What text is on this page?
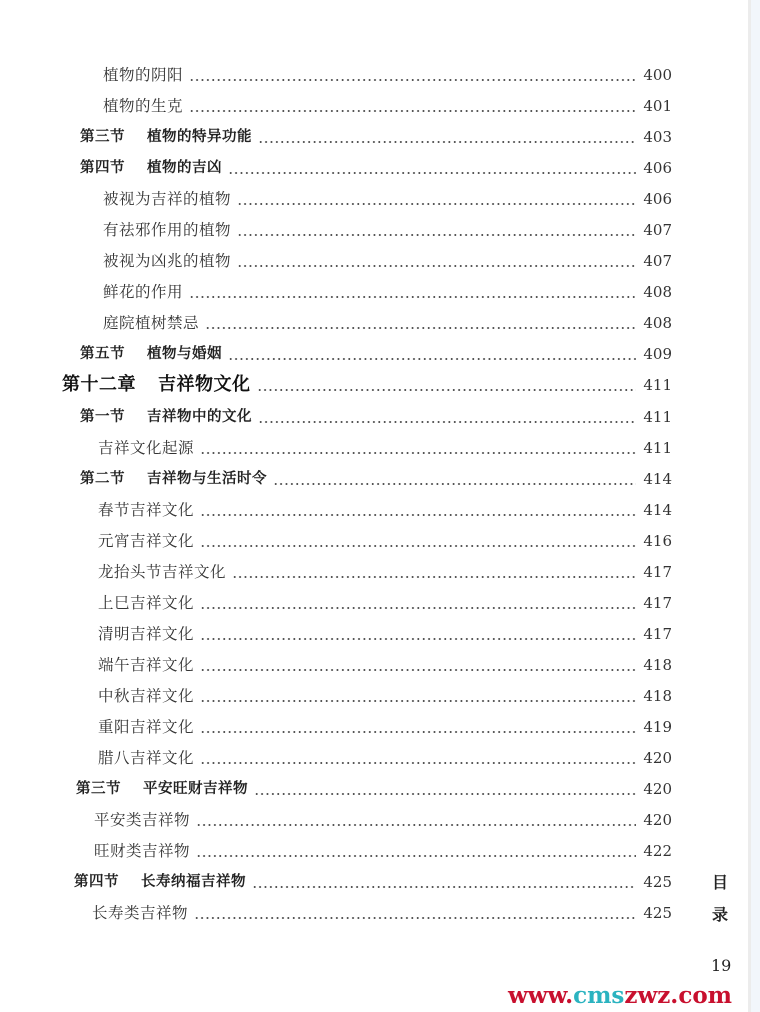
植物的阴阳	400
植物的生克	401
第三节 植物的特异功能	403
第四节 植物的吉凶	406
被视为吉祥的植物	406
有祛邪作用的植物	407
被视为凶兆的植物	407
鲜花的作用	408
庭院植树禁忌	408
第五节 植物与婚姻	409
第十二章 吉祥物文化	411
第一节 吉祥物中的文化	411
吉祥文化起源	411
第二节 吉祥物与生活时令	414
春节吉祥文化	414
元宵吉祥文化	416
龙抬头节吉祥文化	417
上巳吉祥文化	417
清明吉祥文化	417
端午吉祥文化	418
中秋吉祥文化	418
重阳吉祥文化	419
腊八吉祥文化	420
第三节 平安旺财吉祥物	420
平安类吉祥物	420
旺财类吉祥物	422
第四节 长寿纳福吉祥物	425
长寿类吉祥物	425
目
录
19
www.cmszwz.com
